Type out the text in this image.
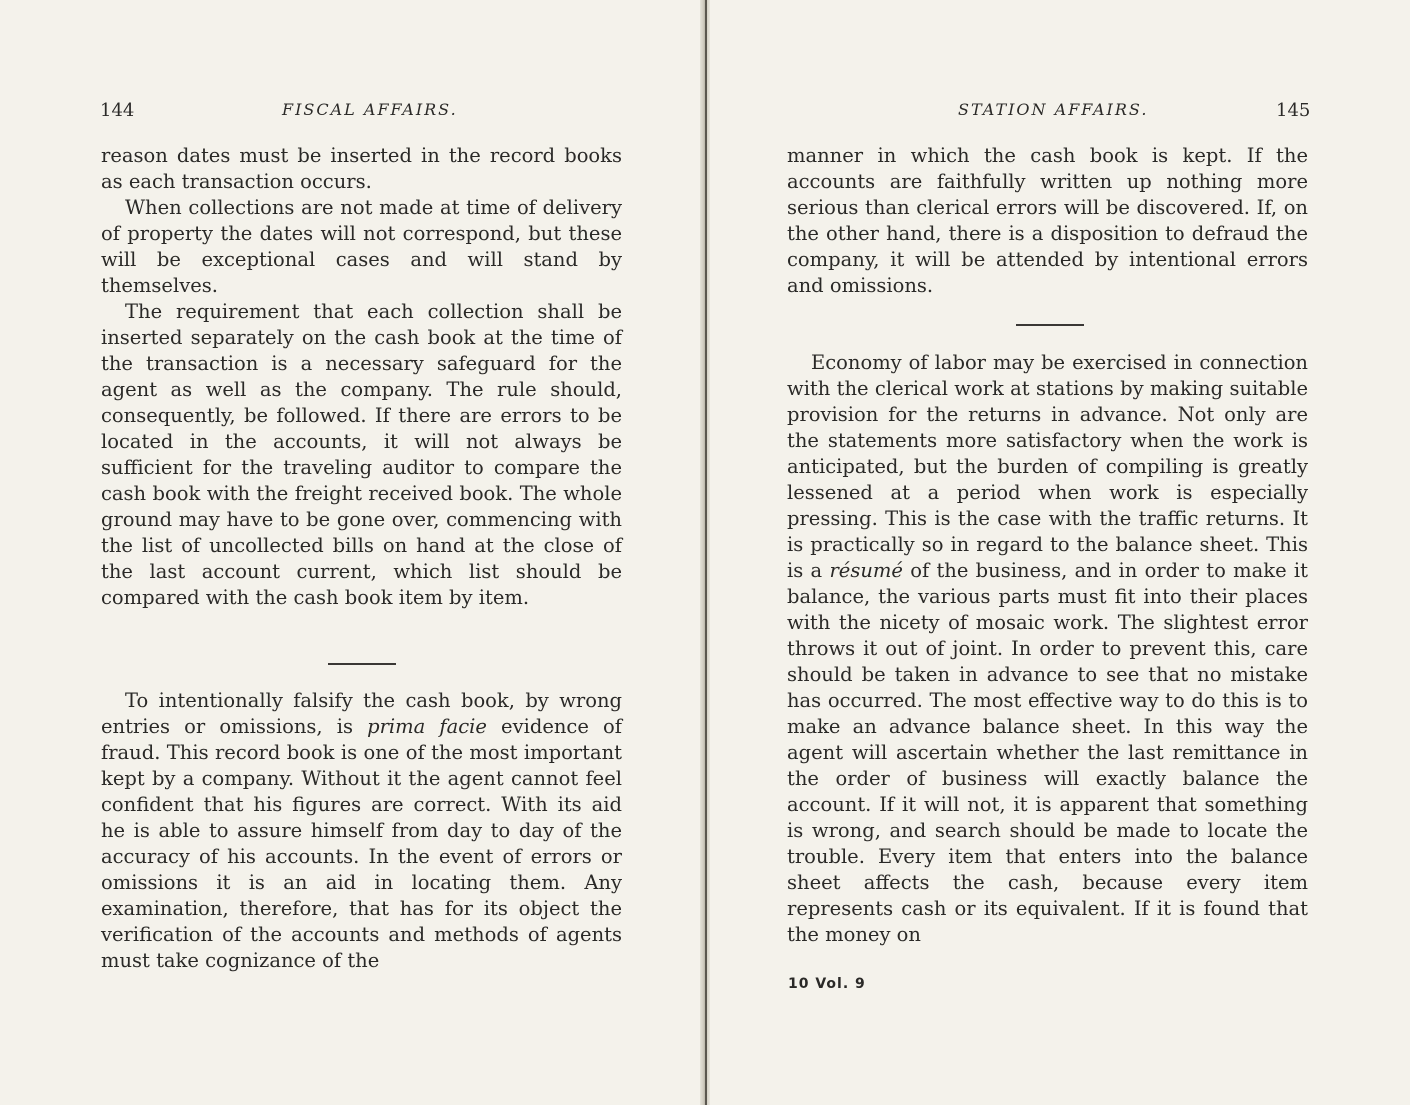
144	FISCAL AFFAIRS.

reason dates must be inserted in the record books as each transaction occurs.

When collections are not made at time of delivery of property the dates will not correspond, but these will be exceptional cases and will stand by themselves.

The requirement that each collection shall be inserted separately on the cash book at the time of the transaction is a necessary safeguard for the agent as well as the company. The rule should, consequently, be followed. If there are errors to be located in the accounts, it will not always be sufficient for the traveling auditor to compare the cash book with the freight received book. The whole ground may have to be gone over, commencing with the list of uncollected bills on hand at the close of the last account current, which list should be compared with the cash book item by item.

To intentionally falsify the cash book, by wrong entries or omissions, is prima facie evidence of fraud. This record book is one of the most important kept by a company. Without it the agent cannot feel confident that his figures are correct. With its aid he is able to assure himself from day to day of the accuracy of his accounts. In the event of errors or omissions it is an aid in locating them. Any examination, therefore, that has for its object the verification of the accounts and methods of agents must take cognizance of the

STATION AFFAIRS.	145

manner in which the cash book is kept. If the accounts are faithfully written up nothing more serious than clerical errors will be discovered. If, on the other hand, there is a disposition to defraud the company, it will be attended by intentional errors and omissions.

Economy of labor may be exercised in connection with the clerical work at stations by making suitable provision for the returns in advance. Not only are the statements more satisfactory when the work is anticipated, but the burden of compiling is greatly lessened at a period when work is especially pressing. This is the case with the traffic returns. It is practically so in regard to the balance sheet. This is a résumé of the business, and in order to make it balance, the various parts must fit into their places with the nicety of mosaic work. The slightest error throws it out of joint. In order to prevent this, care should be taken in advance to see that no mistake has occurred. The most effective way to do this is to make an advance balance sheet. In this way the agent will ascertain whether the last remittance in the order of business will exactly balance the account. If it will not, it is apparent that something is wrong, and search should be made to locate the trouble. Every item that enters into the balance sheet affects the cash, because every item represents cash or its equivalent. If it is found that the money on

10 Vol. 9
